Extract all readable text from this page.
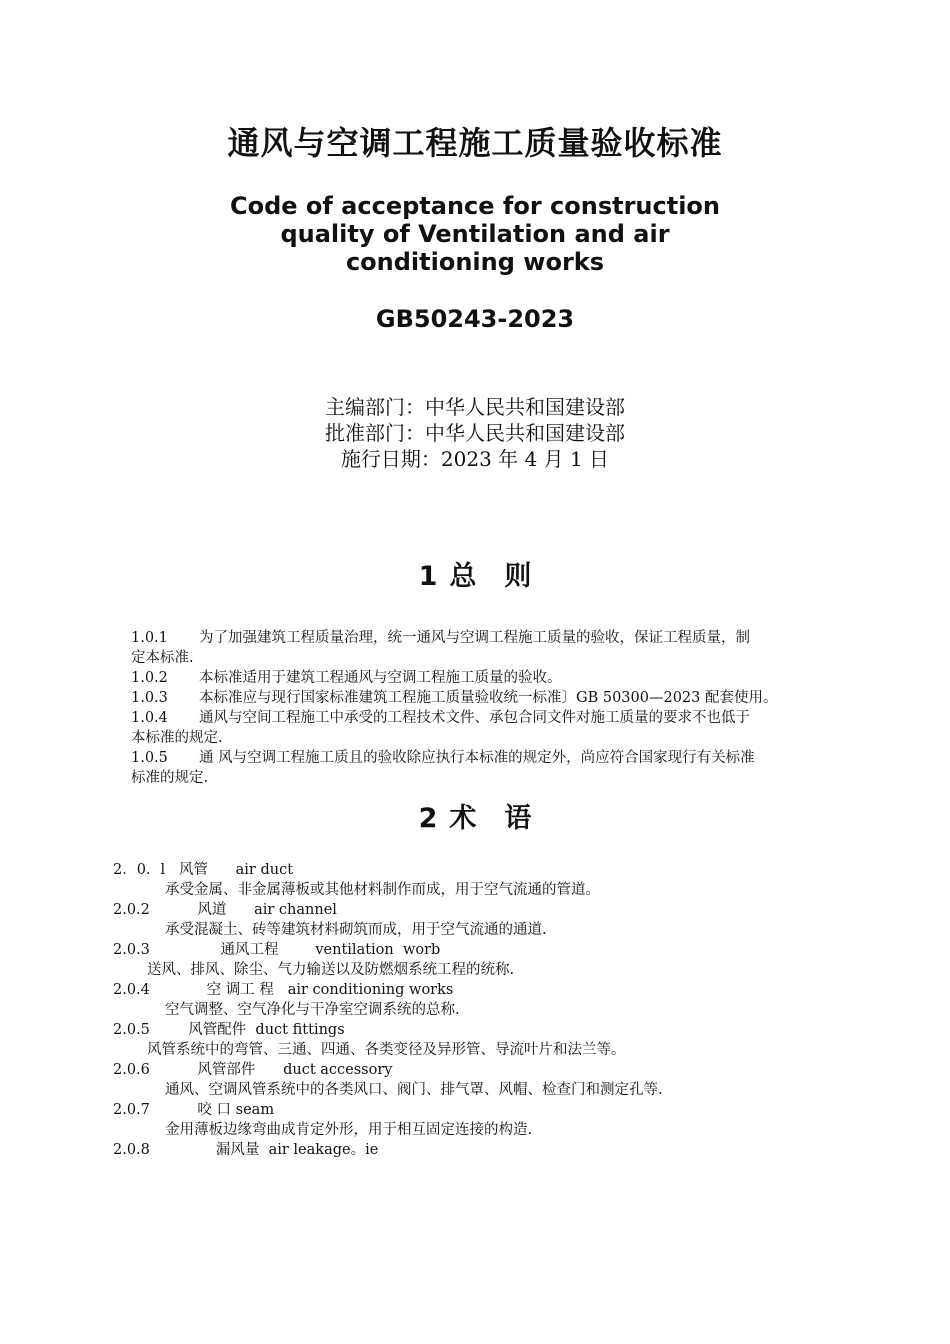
通风与空调工程施工质量验收标准
Code of acceptance for construction
quality of Ventilation and air
conditioning works
GB50243-2023
主编部门：中华人民共和国建设部
批准部门：中华人民共和国建设部
施行日期：2023 年 4 月 1 日
1 总 则
1.0.1 为了加强建筑工程质量治理，统一通风与空调工程施工质量的验收，保证工程质量，制
定本标准.
1.0.2 本标准适用于建筑工程通风与空调工程施工质量的验收。
1.0.3 本标准应与现行国家标准建筑工程施工质量验收统一标准〕GB 50300—2023 配套使用。
1.0.4 通风与空间工程施工中承受的工程技术文件、承包合同文件对施工质量的要求不也低于
本标准的规定.
1.0.5 通 风与空调工程施工质且的验收除应执行本标准的规定外，尚应符合国家现行有关标准
标准的规定.
2 术 语
2．0．l 风管      air duct
承受金属、非金属薄板或其他材料制作而成，用于空气流通的管道。
2.0.2    风道      air channel
承受混凝土、砖等建筑材料砌筑而成，用于空气流通的通道.
2.0.3         通风工程        ventilation  worb
送风、排风、除尘、气力输送以及防燃烟系统工程的统称.
2.0.4      空 调工 程   air conditioning works
空气调整、空气净化与干净室空调系统的总称.
2.0.5  风管配件  duct fittings
风管系统中的弯管、三通、四通、各类变径及异形管、导流叶片和法兰等。
2.0.6    风管部件      duct accessory
通风、空调风管系统中的各类风口、阀门、排气罩、风帽、检查门和测定孔等.
2.0.7    咬 口 seam
金用薄板边缘弯曲成肯定外形，用于相互固定连接的构造.
2.0.8        漏风量  air leakage。ie
